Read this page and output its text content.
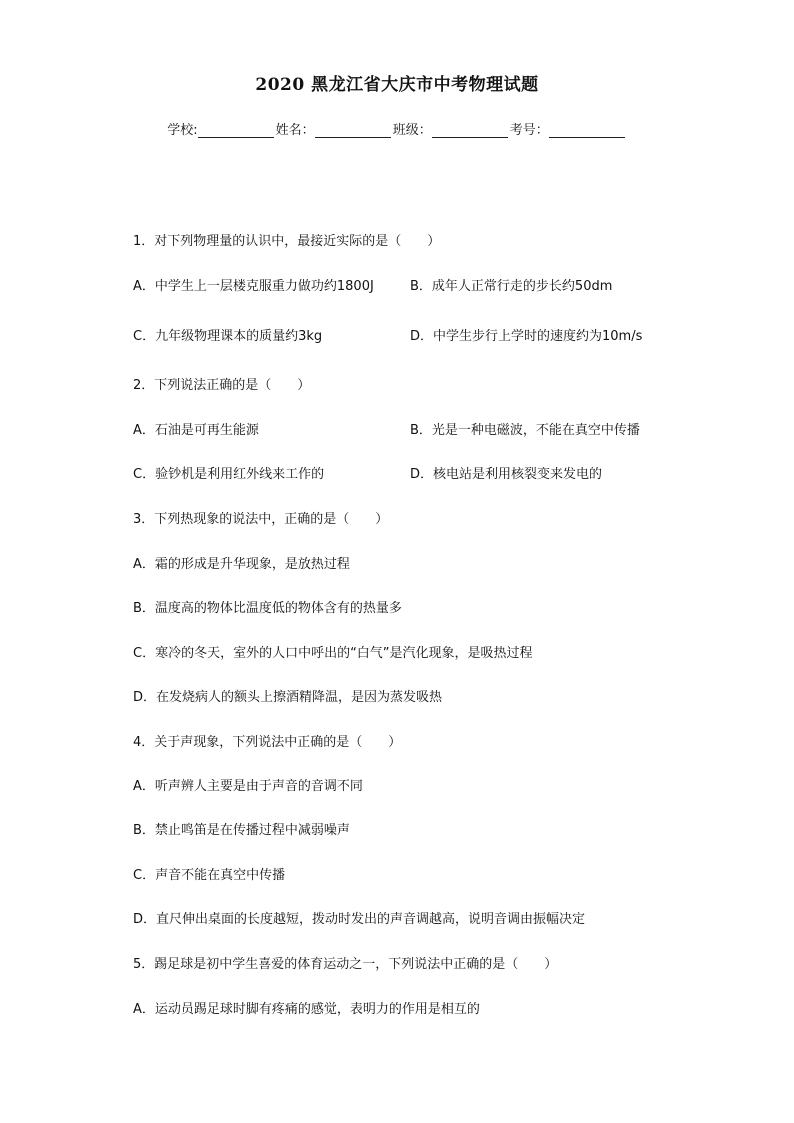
2020 黑龙江省大庆市中考物理试题
学校:	姓名：	班级：	考号：
1．对下列物理量的认识中，最接近实际的是（　　）
A．中学生上一层楼克服重力做功约1800J	B．成年人正常行走的步长约50dm
C．九年级物理课本的质量约3kg	D．中学生步行上学时的速度约为10m/s
2．下列说法正确的是（　　）
A．石油是可再生能源	B．光是一种电磁波，不能在真空中传播
C．验钞机是利用红外线来工作的	D．核电站是利用核裂变来发电的
3．下列热现象的说法中，正确的是（　　）
A．霜的形成是升华现象，是放热过程
B．温度高的物体比温度低的物体含有的热量多
C．寒冷的冬天，室外的人口中呼出的“白气”是汽化现象，是吸热过程
D．在发烧病人的额头上擦酒精降温，是因为蒸发吸热
4．关于声现象，下列说法中正确的是（　　）
A．听声辨人主要是由于声音的音调不同
B．禁止鸣笛是在传播过程中减弱噪声
C．声音不能在真空中传播
D．直尺伸出桌面的长度越短，拨动时发出的声音调越高，说明音调由振幅决定
5．踢足球是初中学生喜爱的体育运动之一，下列说法中正确的是（　　）
A．运动员踢足球时脚有疼痛的感觉，表明力的作用是相互的
